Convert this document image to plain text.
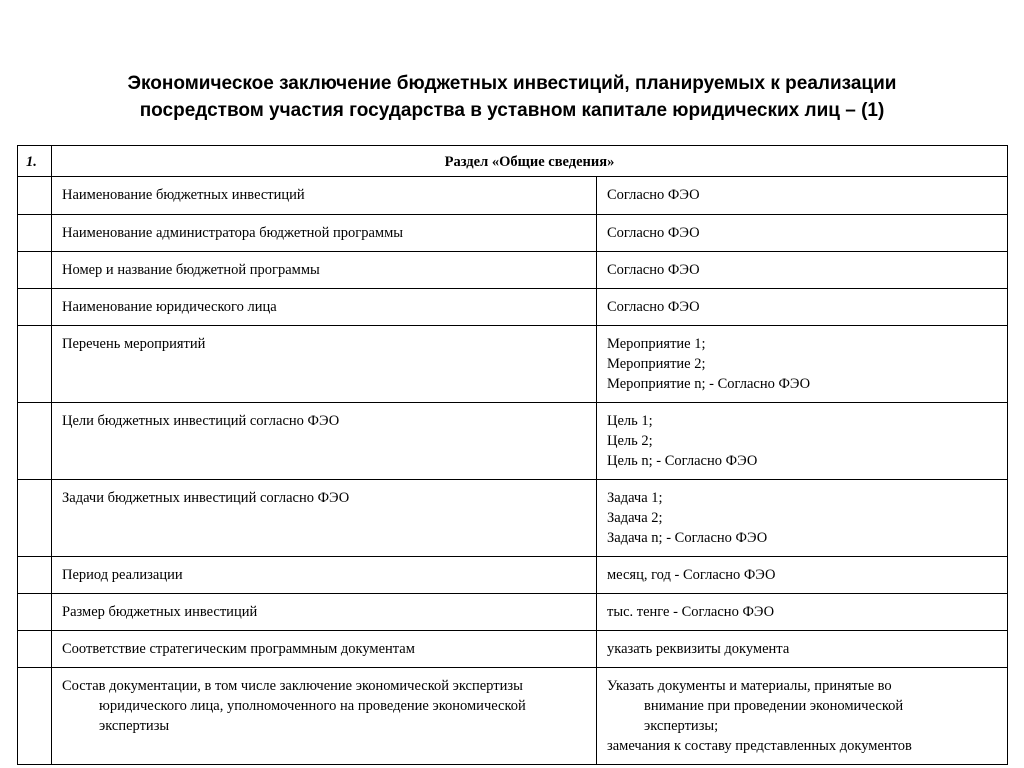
Экономическое заключение бюджетных инвестиций, планируемых к реализации
посредством участия государства в уставном капитале юридических лиц – (1)
1.	Раздел «Общие сведения»	
	Наименование бюджетных инвестиций	Согласно ФЭО

	Наименование администратора бюджетной программы	Согласно ФЭО

	Номер и название бюджетной программы	Согласно ФЭО

	Наименование юридического лица	Согласно ФЭО

	Перечень мероприятий	Мероприятие 1;
Мероприятие 2;
Мероприятие n; - Согласно ФЭО

	Цели бюджетных инвестиций согласно ФЭО	Цель 1;
Цель 2;
Цель n; - Согласно ФЭО

	Задачи бюджетных инвестиций согласно ФЭО	Задача 1;
Задача 2;
Задача n; - Согласно ФЭО

	Период реализации	месяц, год - Согласно ФЭО

	Размер бюджетных инвестиций	тыс. тенге - Согласно ФЭО

	Соответствие стратегическим программным документам	указать реквизиты документа

	Состав документации, в том числе заключение экономической экспертизы юридического лица, уполномоченного на проведение экономической экспертизы	Указать документы и материалы, принятые во
внимание при проведении экономической
экспертизы;
замечания к составу представленных документов
